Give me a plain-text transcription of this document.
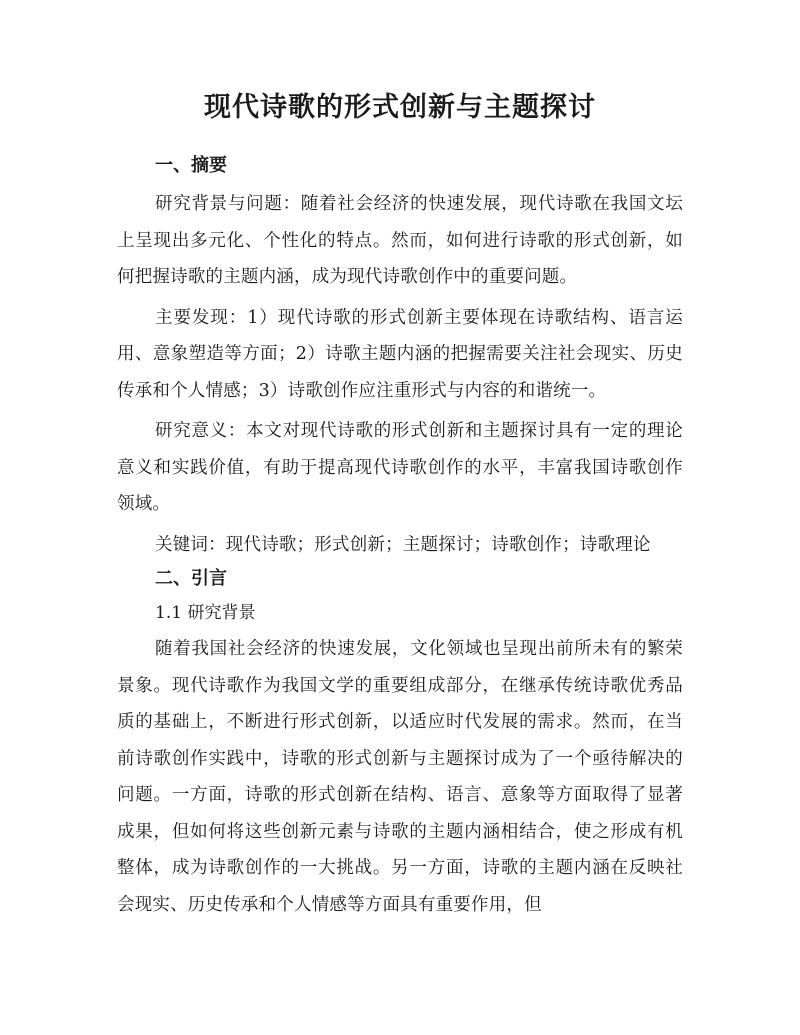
现代诗歌的形式创新与主题探讨
一、摘要

研究背景与问题：随着社会经济的快速发展，现代诗歌在我国文坛上呈现出多元化、个性化的特点。然而，如何进行诗歌的形式创新，如何把握诗歌的主题内涵，成为现代诗歌创作中的重要问题。

主要发现：1）现代诗歌的形式创新主要体现在诗歌结构、语言运用、意象塑造等方面；2）诗歌主题内涵的把握需要关注社会现实、历史传承和个人情感；3）诗歌创作应注重形式与内容的和谐统一。

研究意义：本文对现代诗歌的形式创新和主题探讨具有一定的理论意义和实践价值，有助于提高现代诗歌创作的水平，丰富我国诗歌创作领域。

关键词：现代诗歌；形式创新；主题探讨；诗歌创作；诗歌理论

二、引言

1.1 研究背景

随着我国社会经济的快速发展，文化领域也呈现出前所未有的繁荣景象。现代诗歌作为我国文学的重要组成部分，在继承传统诗歌优秀品质的基础上，不断进行形式创新，以适应时代发展的需求。然而，在当前诗歌创作实践中，诗歌的形式创新与主题探讨成为了一个亟待解决的问题。一方面，诗歌的形式创新在结构、语言、意象等方面取得了显著成果，但如何将这些创新元素与诗歌的主题内涵相结合，使之形成有机整体，成为诗歌创作的一大挑战。另一方面，诗歌的主题内涵在反映社会现实、历史传承和个人情感等方面具有重要作用，但
